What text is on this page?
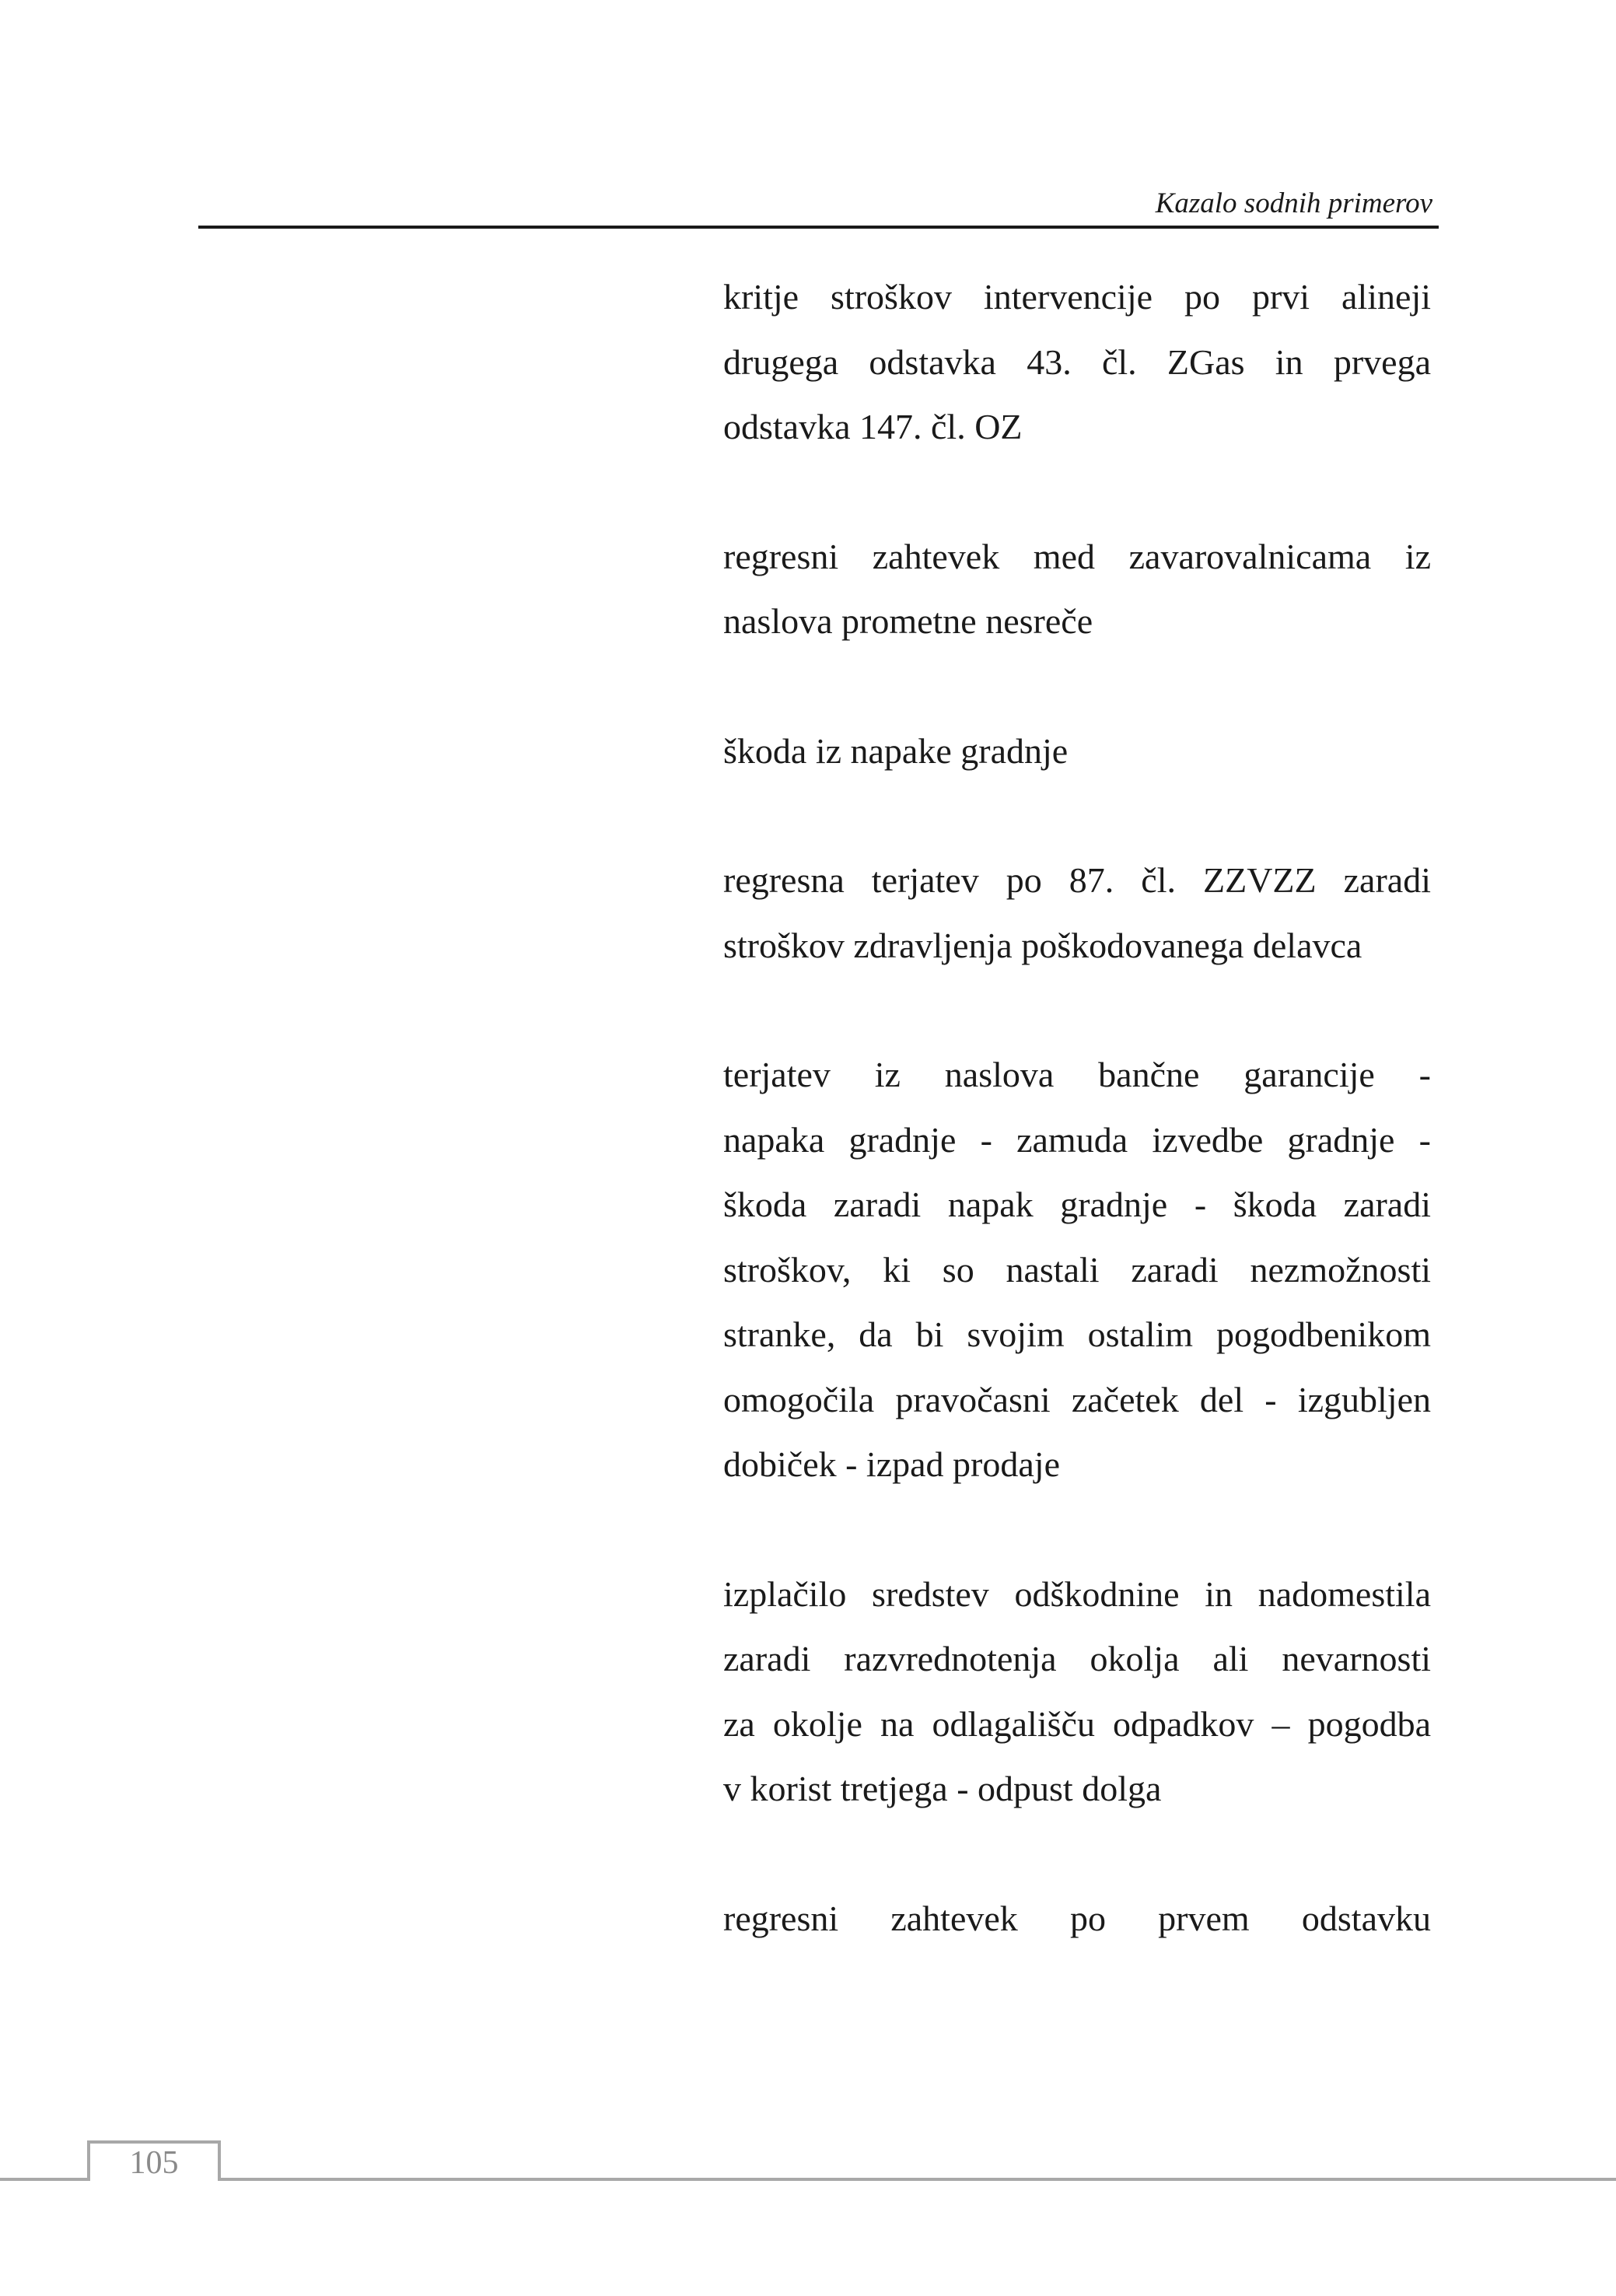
Kazalo sodnih primerov
kritje stroškov intervencije po prvi alineji
drugega odstavka 43. čl. ZGas in prvega
odstavka 147. čl. OZ
regresni zahtevek med zavarovalnicama iz
naslova prometne nesreče
škoda iz napake gradnje
regresna terjatev po 87. čl. ZZVZZ zaradi
stroškov zdravljenja poškodovanega delavca
terjatev iz naslova bančne garancije -
napaka gradnje - zamuda izvedbe gradnje -
škoda zaradi napak gradnje - škoda zaradi
stroškov, ki so nastali zaradi nezmožnosti
stranke, da bi svojim ostalim pogodbenikom
omogočila pravočasni začetek del - izgubljen
dobiček - izpad prodaje
izplačilo sredstev odškodnine in nadomestila
zaradi razvrednotenja okolja ali nevarnosti
za okolje na odlagališču odpadkov – pogodba
v korist tretjega - odpust dolga
regresni zahtevek po prvem odstavku
105
